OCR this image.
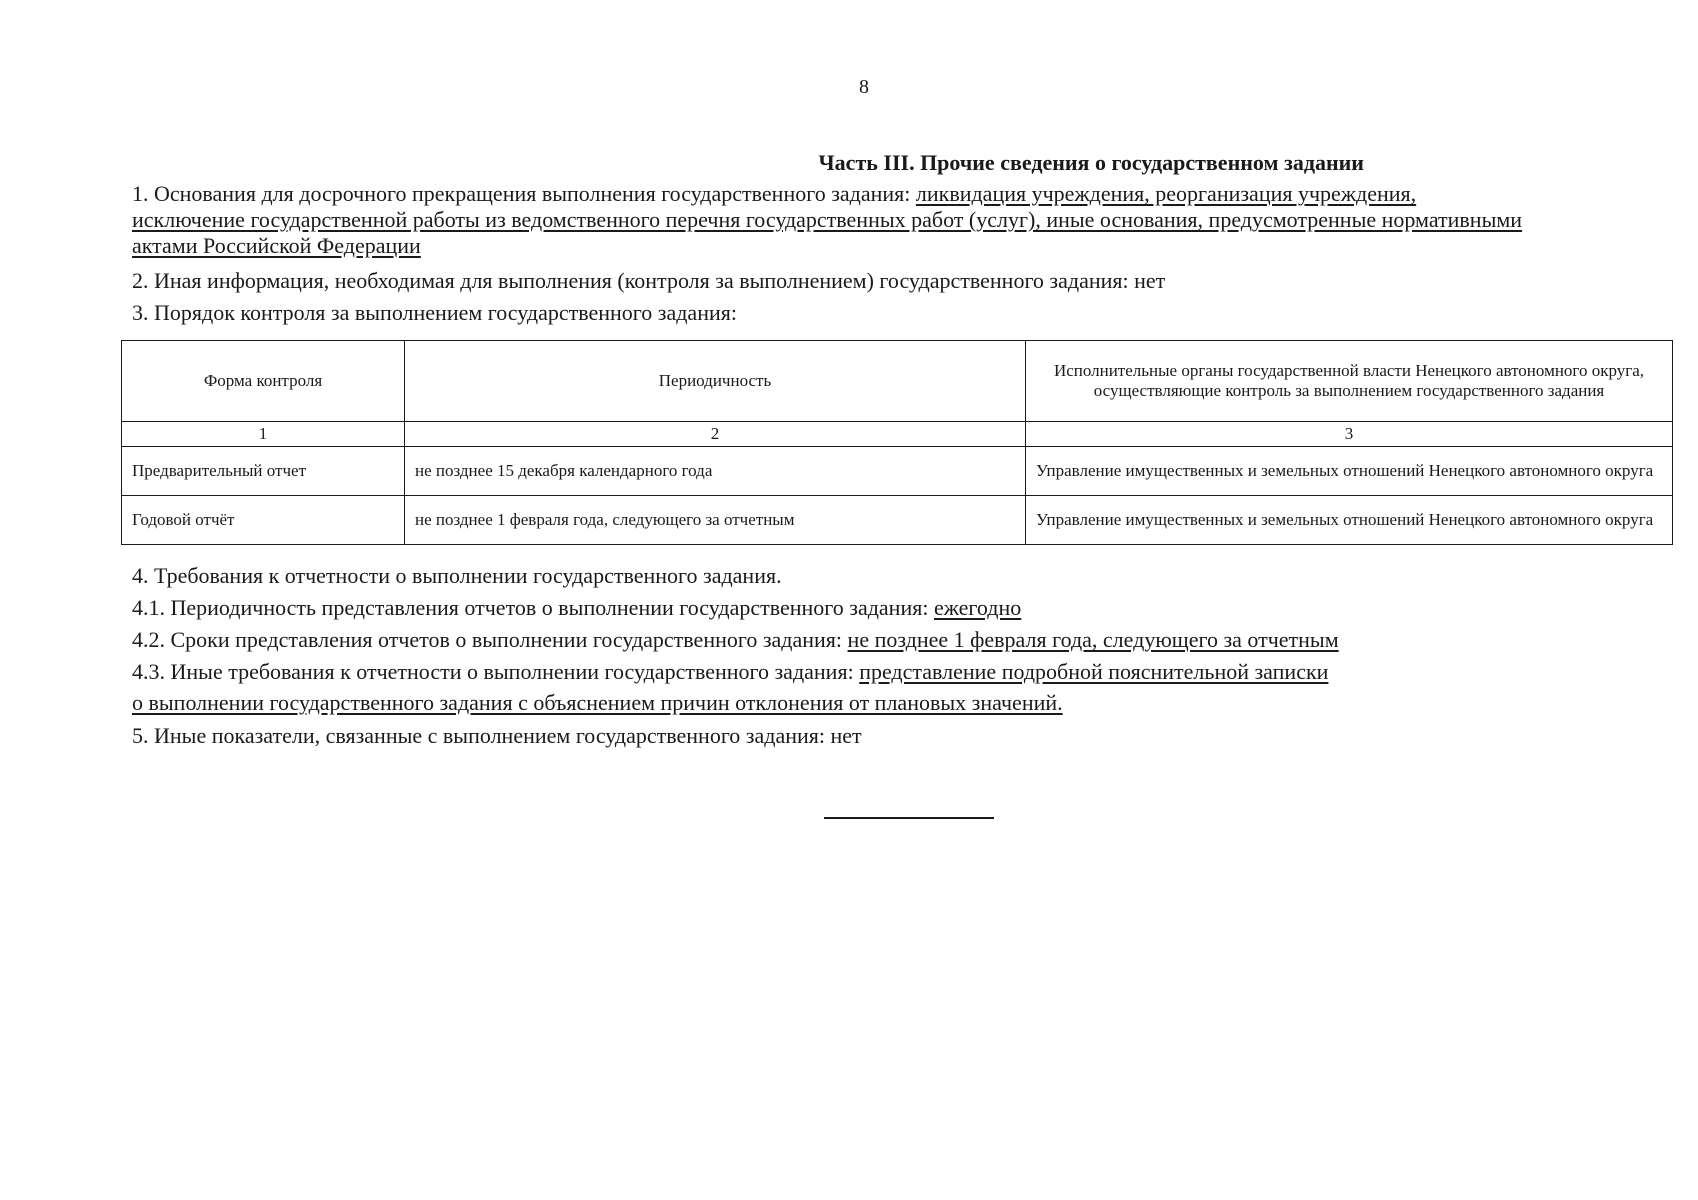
8
Часть III. Прочие сведения о государственном задании
1. Основания для досрочного прекращения выполнения государственного задания: ликвидация учреждения, реорганизация учреждения, исключение государственной работы из ведомственного перечня государственных работ (услуг), иные основания, предусмотренные нормативными актами Российской Федерации
2. Иная информация, необходимая для выполнения (контроля за выполнением) государственного задания: нет
3. Порядок контроля за выполнением государственного задания:
Форма контроля	Периодичность	Исполнительные органы государственной власти Ненецкого автономного округа, осуществляющие контроль за выполнением государственного задания
1	2	3
Предварительный отчет	не позднее 15 декабря календарного года	Управление имущественных и земельных отношений Ненецкого автономного округа
Годовой отчёт	не позднее 1 февраля года, следующего за отчетным	Управление имущественных и земельных отношений Ненецкого автономного округа
4. Требования к отчетности о выполнении государственного задания.
4.1. Периодичность представления отчетов о выполнении государственного задания: ежегодно
4.2. Сроки представления отчетов о выполнении государственного задания: не позднее 1 февраля года, следующего за отчетным
4.3. Иные требования к отчетности о выполнении государственного задания: представление подробной пояснительной записки
о выполнении государственного задания с объяснением причин отклонения от плановых значений.
5. Иные показатели, связанные с выполнением государственного задания: нет
